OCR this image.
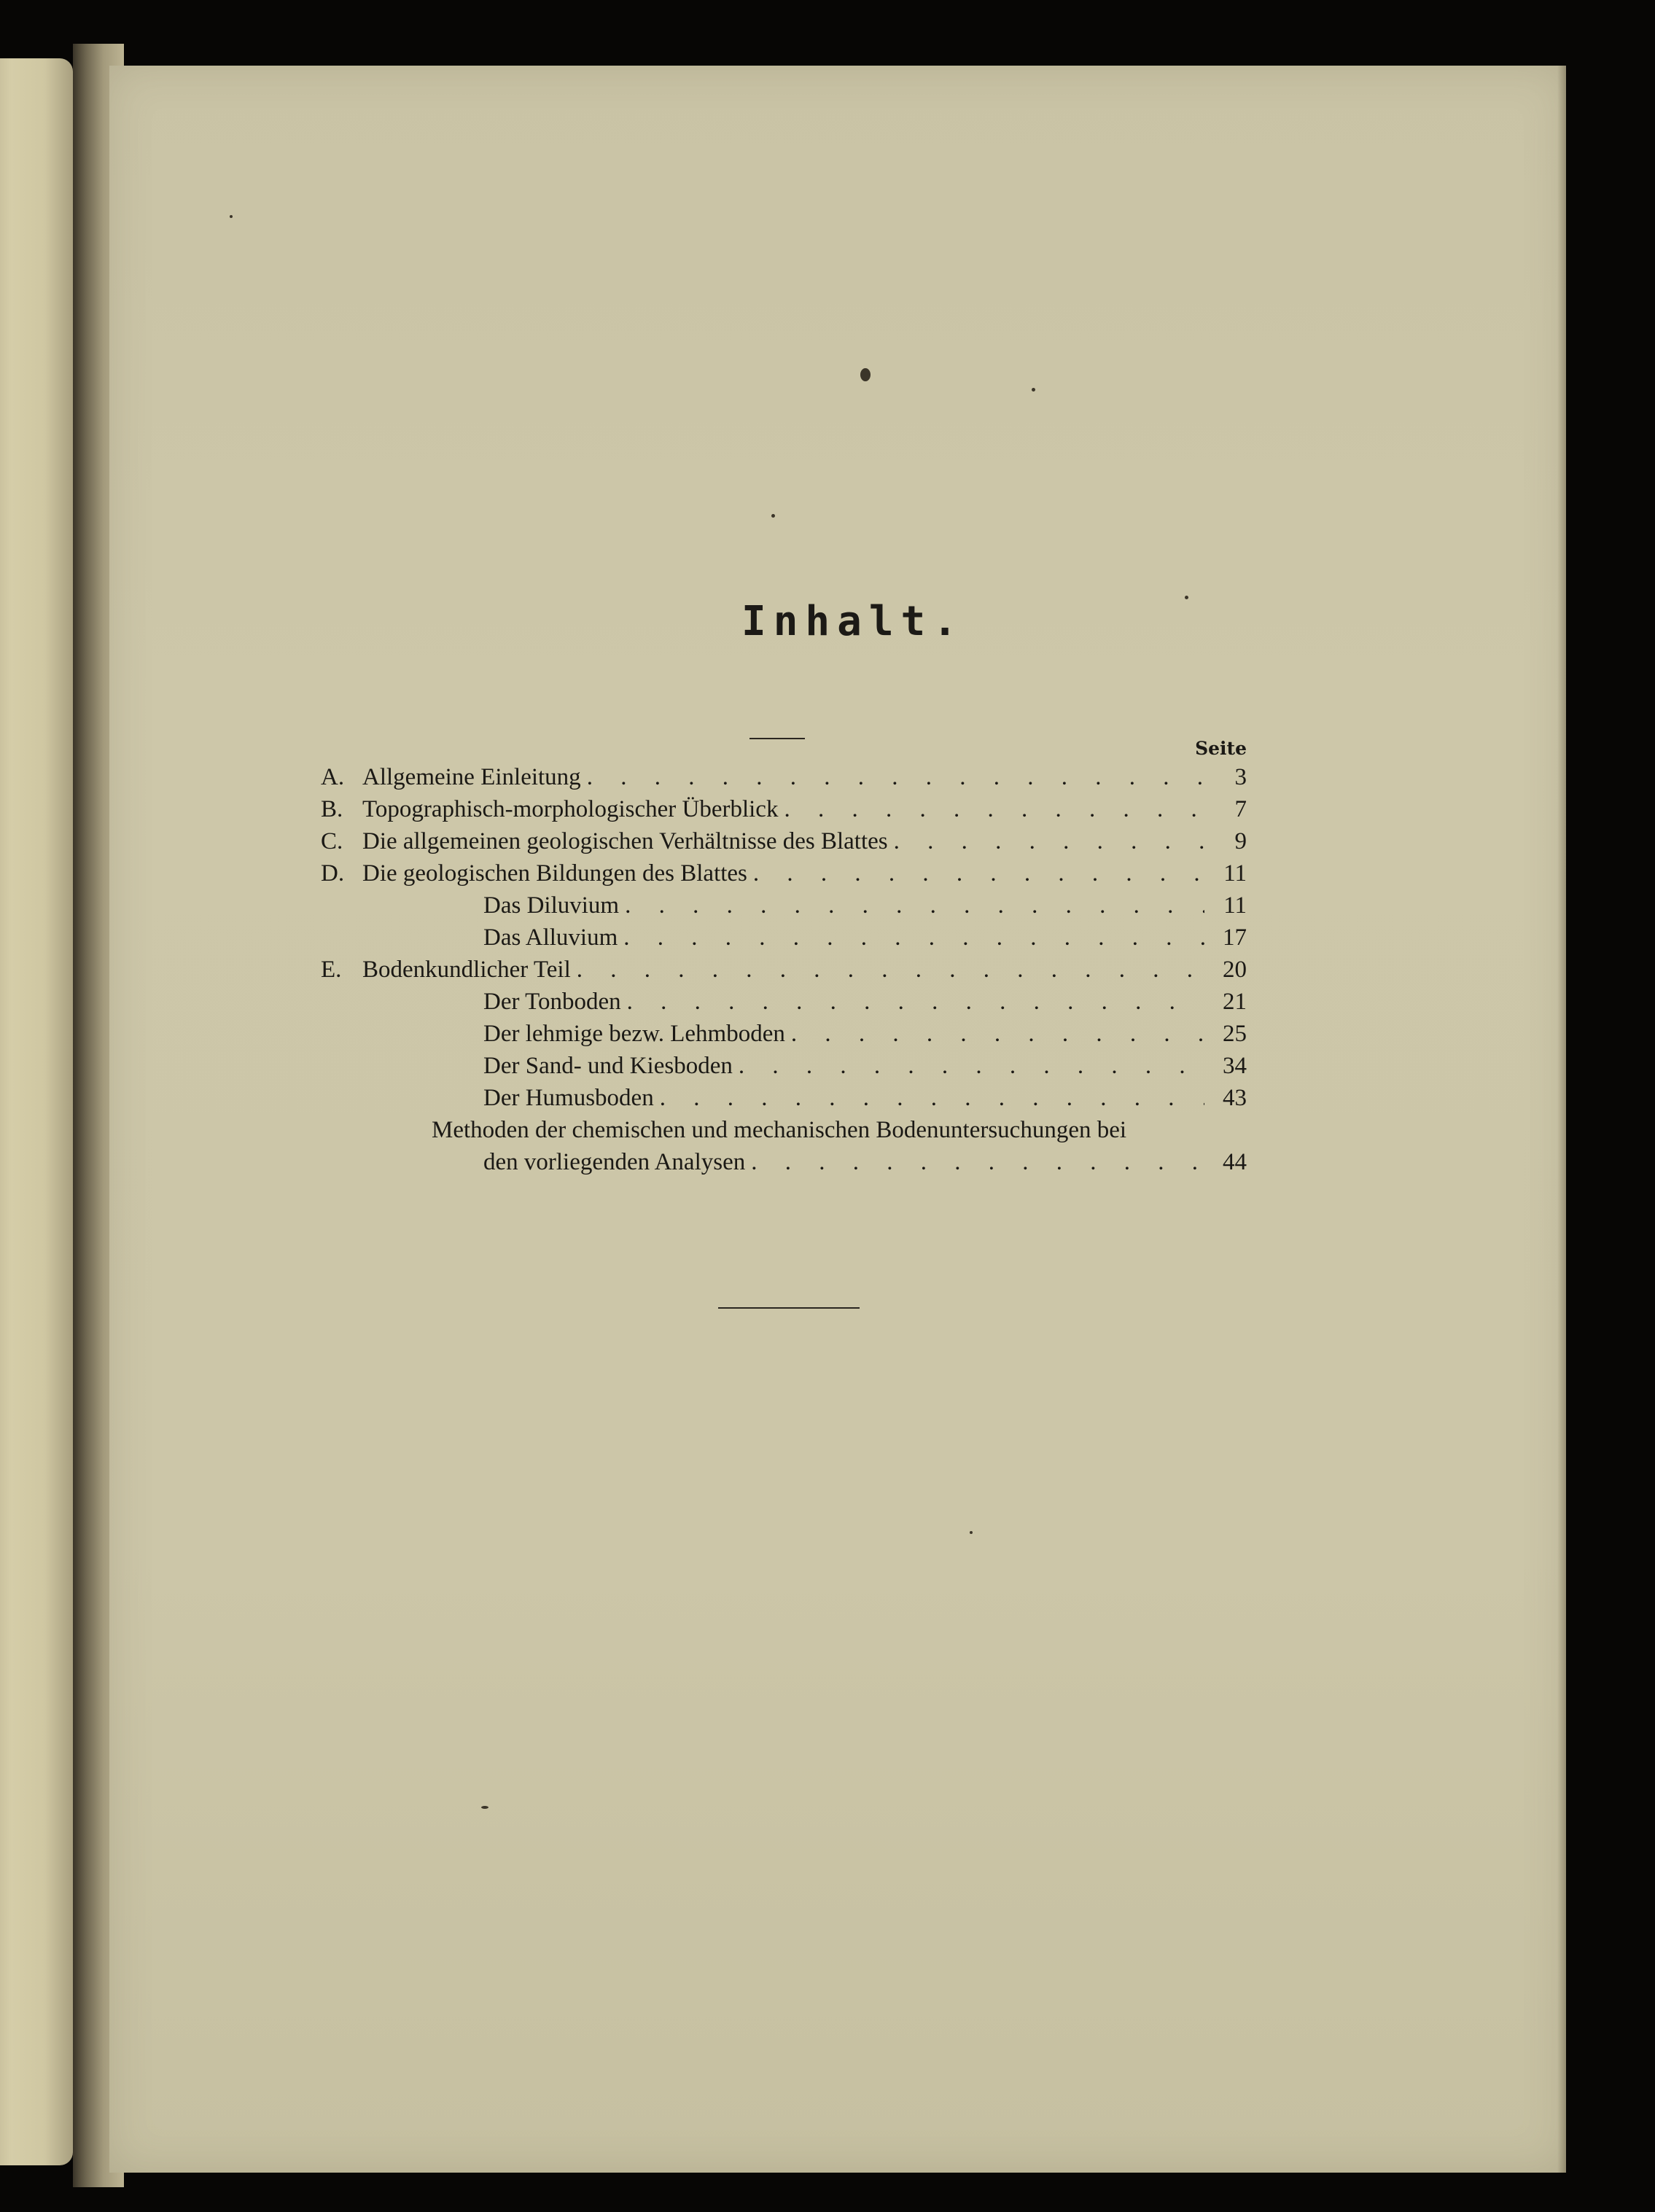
Inhalt.
Seite
A. Allgemeine Einleitung . . .	3
B. Topographisch-morphologischer Überblick . . .	7
C. Die allgemeinen geologischen Verhältnisse des Blattes . . .	9
D. Die geologischen Bildungen des Blattes . . .	11
Das Diluvium . . .	11
Das Alluvium . . .	17
E. Bodenkundlicher Teil . . .	20
Der Tonboden . . .	21
Der lehmige bezw. Lehmboden . . .	25
Der Sand- und Kiesboden . . .	34
Der Humusboden . . .	43
Methoden der chemischen und mechanischen Bodenuntersuchungen bei
den vorliegenden Analysen . . .	44
